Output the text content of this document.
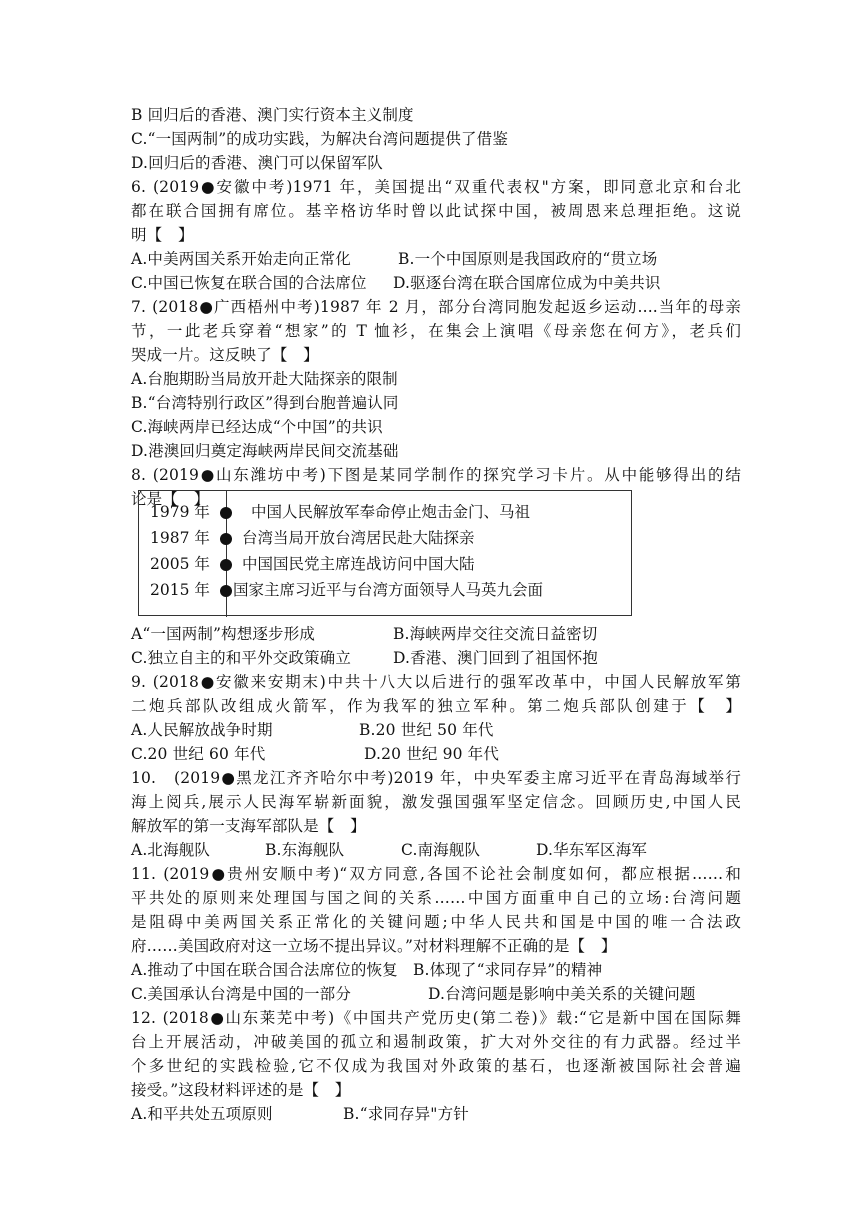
B 回归后的香港、澳门实行资本主义制度
C.“一国两制”的成功实践，为解决台湾问题提供了借鉴
D.回归后的香港、澳门可以保留军队
6. (2019●安徽中考)1971 年，美国提出“双重代表权"方案，即同意北京和台北
都在联合国拥有席位。基辛格访华时曾以此试探中国，被周恩来总理拒绝。这说
明【　】
A.中美两国关系开始走向正常化	B.一个中国原则是我国政府的“贯立场
C.中国已恢复在联合国的合法席位 D.驱逐台湾在联合国席位成为中美共识
7. (2018●广西梧州中考)1987 年 2 月，部分台湾同胞发起返乡运动....当年的母亲
节，一此老兵穿着“想家”的 T 恤衫，在集会上演唱《母亲您在何方》，老兵们
哭成一片。这反映了【　】
A.台胞期盼当局放开赴大陆探亲的限制
B.“台湾特别行政区”得到台胞普遍认同
C.海峡两岸已经达成“个中国”的共识
D.港澳回归奠定海峡两岸民间交流基础
8. (2019●山东潍坊中考)下图是某同学制作的探究学习卡片。从中能够得出的结
论是【　】
1979 年	中国人民解放军奉命停止炮击金门、马祖
1987 年 台湾当局开放台湾居民赴大陆探亲
2005 年 中国国民党主席连战访问中国大陆
2015 年 国家主席习近平与台湾方面领导人马英九会面
A“一国两制”构想逐步形成	B.海峡两岸交往交流日益密切
C.独立自主的和平外交政策确立	D.香港、澳门回到了祖国怀抱
9. (2018●安徽来安期末)中共十八大以后进行的强军改革中，中国人民解放军第
二炮兵部队改组成火箭军，作为我军的独立军种。第二炮兵部队创建于【　】
A.人民解放战争时期	B.20 世纪 50 年代
C.20 世纪 60 年代	D.20 世纪 90 年代
10.　(2019●黑龙江齐齐哈尔中考)2019 年，中央军委主席习近平在青岛海域举行
海上阅兵,展示人民海军崭新面貌，激发强国强军坚定信念。回顾历史,中国人民
解放军的第一支海军部队是【　】
A.北海舰队	B.东海舰队	C.南海舰队	D.华东军区海军
11. (2019●贵州安顺中考)“双方同意,各国不论社会制度如何，都应根据……和
平共处的原则来处理国与国之间的关系……中国方面重申自己的立场:台湾问题
是阻碍中美两国关系正常化的关键问题;中华人民共和国是中国的唯一合法政
府……美国政府对这一立场不提出异议。”对材料理解不正确的是【　】
A.推动了中国在联合国合法席位的恢复 B.体现了“求同存异”的精神
C.美国承认台湾是中国的一部分	D.台湾问题是影响中美关系的关键问题
12. (2018●山东莱芜中考)《中国共产党历史(第二卷)》载:“它是新中国在国际舞
台上开展活动，冲破美国的孤立和遏制政策，扩大对外交往的有力武器。经过半
个多世纪的实践检验,它不仅成为我国对外政策的基石，也逐渐被国际社会普遍
接受。”这段材料评述的是【　】
A.和平共处五项原则	B.“求同存异"方针
